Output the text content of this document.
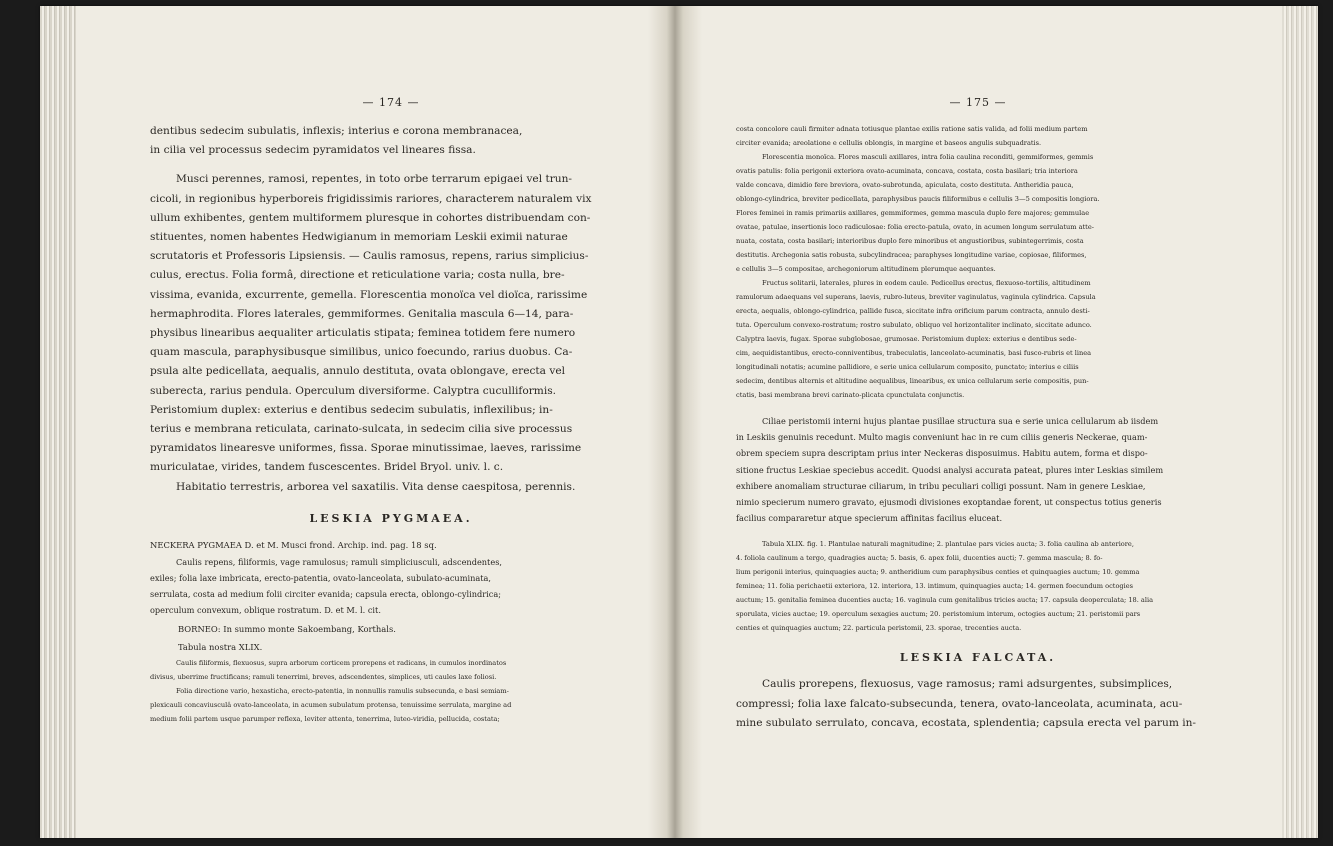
— 174 —
dentibus sedecim subulatis, inflexis; interius e corona membranacea,
in cilia vel processus sedecim pyramidatos vel lineares fissa.
Musci perennes, ramosi, repentes, in toto orbe terrarum epigaei vel trun-
cicoli, in regionibus hyperboreis frigidissimis rariores, characterem naturalem vix
ullum exhibentes, gentem multiformem pluresque in cohortes distribuendam con-
stituentes, nomen habentes Hedwigianum in memoriam Leskii eximii naturae
scrutatoris et Professoris Lipsiensis. — Caulis ramosus, repens, rarius simplicius-
culus, erectus. Folia formâ, directione et reticulatione varia; costa nulla, bre-
vissima, evanida, excurrente, gemella. Florescentia monoïca vel dioïca, rarissime
hermaphrodita. Flores laterales, gemmiformes. Genitalia mascula 6—14, para-
physibus linearibus aequaliter articulatis stipata; feminea totidem fere numero
quam mascula, paraphysibusque similibus, unico foecundo, rarius duobus. Ca-
psula alte pedicellata, aequalis, annulo destituta, ovata oblongave, erecta vel
suberecta, rarius pendula. Operculum diversiforme. Calyptra cuculliformis.
Peristomium duplex: exterius e dentibus sedecim subulatis, inflexilibus; in-
terius e membrana reticulata, carinato-sulcata, in sedecim cilia sive processus
pyramidatos linearesve uniformes, fissa. Sporae minutissimae, laeves, rarissime
muriculatae, virides, tandem fuscescentes. Bridel Bryol. univ. l. c.
Habitatio terrestris, arborea vel saxatilis. Vita dense caespitosa, perennis.
LESKIA PYGMAEA.
NECKERA PYGMAEA D. et M. Musci frond. Archip. ind. pag. 18 sq.
Caulis repens, filiformis, vage ramulosus; ramuli simpliciusculi, adscendentes,
exiles; folia laxe imbricata, erecto-patentia, ovato-lanceolata, subulato-acuminata,
serrulata, costa ad medium folii circiter evanida; capsula erecta, oblongo-cylindrica;
operculum convexum, oblique rostratum. D. et M. l. cit.
BORNEO: In summo monte Sakoembang, Korthals.
Tabula nostra XLIX.
Caulis filiformis, flexuosus, supra arborum corticem prorepens et radicans, in cumulos inordinatos
divisus, uberrime fructificans; ramuli tenerrimi, breves, adscendentes, simplices, uti caules laxe foliosi.
Folia directione vario, hexasticha, erecto-patentia, in nonnullis ramulis subsecunda, e basi semiam-
plexicauli concaviusculâ ovato-lanceolata, in acumen subulatum protensa, tenuissime serrulata, margine ad
medium folii partem usque parumper reflexa, leviter attenta, tenerrima, luteo-viridia, pellucida, costata;
— 175 —
costa concolore cauli firmiter adnata totiusque plantae exilis ratione satis valida, ad folii medium partem
circiter evanida; areolatione e cellulis oblongis, in margine et baseos angulis subquadratis.
Florescentia monoïca. Flores masculi axillares, intra folia caulina reconditi, gemmiformes, gemmis
ovatis patulis: folia perigonii exteriora ovato-acuminata, concava, costata, costa basilari; tria interiora
valde concava, dimidio fere breviora, ovato-subrotunda, apiculata, costo destituta. Antheridia pauca,
oblongo-cylindrica, breviter pedicellata, paraphysibus paucis filiformibus e cellulis 3—5 compositis longiora.
Flores feminei in ramis primariis axillares, gemmiformes, gemma mascula duplo fere majores; gemmulae
ovatae, patulae, insertionis loco radiculosae: folia erecto-patula, ovato, in acumen longum serrulatum atte-
nuata, costata, costa basilari; interioribus duplo fere minoribus et angustioribus, subintegerrimis, costa
destitutis. Archegonia satis robusta, subcylindracea; paraphyses longitudine variae, copiosae, filiformes,
e cellulis 3—5 compositae, archegoniorum altitudinem plerumque aequantes.
Fructus solitarii, laterales, plures in eodem caule. Pedicellus erectus, flexuoso-tortilis, altitudinem
ramulorum adaequans vel superans, laevis, rubro-luteus, breviter vaginulatus, vaginula cylindrica. Capsula
erecta, aequalis, oblongo-cylindrica, pallide fusca, siccitate infra orificium parum contracta, annulo desti-
tuta. Operculum convexo-rostratum; rostro subulato, obliquo vel horizontaliter inclinato, siccitate adunco.
Calyptra laevis, fugax. Sporae subglobosae, grumosae. Peristomium duplex: exterius e dentibus sede-
cim, aequidistantibus, erecto-conniventibus, trabeculatis, lanceolato-acuminatis, basi fusco-rubris et linea
longitudinali notatis; acumine pallidiore, e serie unica cellularum composito, punctato; interius e ciliis
sedecim, dentibus alternis et altitudine aequalibus, linearibus, ex unica cellularum serie compositis, pun-
ctatis, basi membrana brevi carinato-plicata cpunctulata conjunctis.
Ciliae peristomii interni hujus plantae pusillae structura sua e serie unica cellularum ab iisdem
in Leskiis genuinis recedunt. Multo magis conveniunt hac in re cum ciliis generis Neckerae, quam-
obrem speciem supra descriptam prius inter Neckeras disposuimus. Habitu autem, forma et dispo-
sitione fructus Leskiae speciebus accedit. Quodsi analysi accurata pateat, plures inter Leskias similem
exhibere anomaliam structurae ciliarum, in tribu peculiari colligi possunt. Nam in genere Leskiae,
nimio specierum numero gravato, ejusmodi divisiones exoptandae forent, ut conspectus totius generis
facilius compararetur atque specierum affinitas facilius eluceat.
Tabula XLIX. fig. 1. Plantulae naturali magnitudine; 2. plantulae pars vicies aucta; 3. folia caulina ab anteriore,
4. foliola caulinum a tergo, quadragies aucta; 5. basis, 6. apex folii, ducenties aucti; 7. gemma mascula; 8. fo-
lium perigonii interius, quinquagies aucta; 9. antheridium cum paraphysibus centies et quinquagies auctum; 10. gemma
feminea; 11. folia perichaetii exteriora, 12. interiora, 13. intimum, quinquagies aucta; 14. germen foecundum octogies
auctum; 15. genitalia feminea ducenties aucta; 16. vaginula cum genitalibus tricies aucta; 17. capsula deoperculata; 18. alia
sporulata, vicies auctae; 19. operculum sexagies auctum; 20. peristomium interum, octogies auctum; 21. peristomii pars
centies et quinquagies auctum; 22. particula peristomii, 23. sporae, trecenties aucta.
LESKIA FALCATA.
Caulis prorepens, flexuosus, vage ramosus; rami adsurgentes, subsimplices,
compressi; folia laxe falcato-subsecunda, tenera, ovato-lanceolata, acuminata, acu-
mine subulato serrulato, concava, ecostata, splendentia; capsula erecta vel parum in-
